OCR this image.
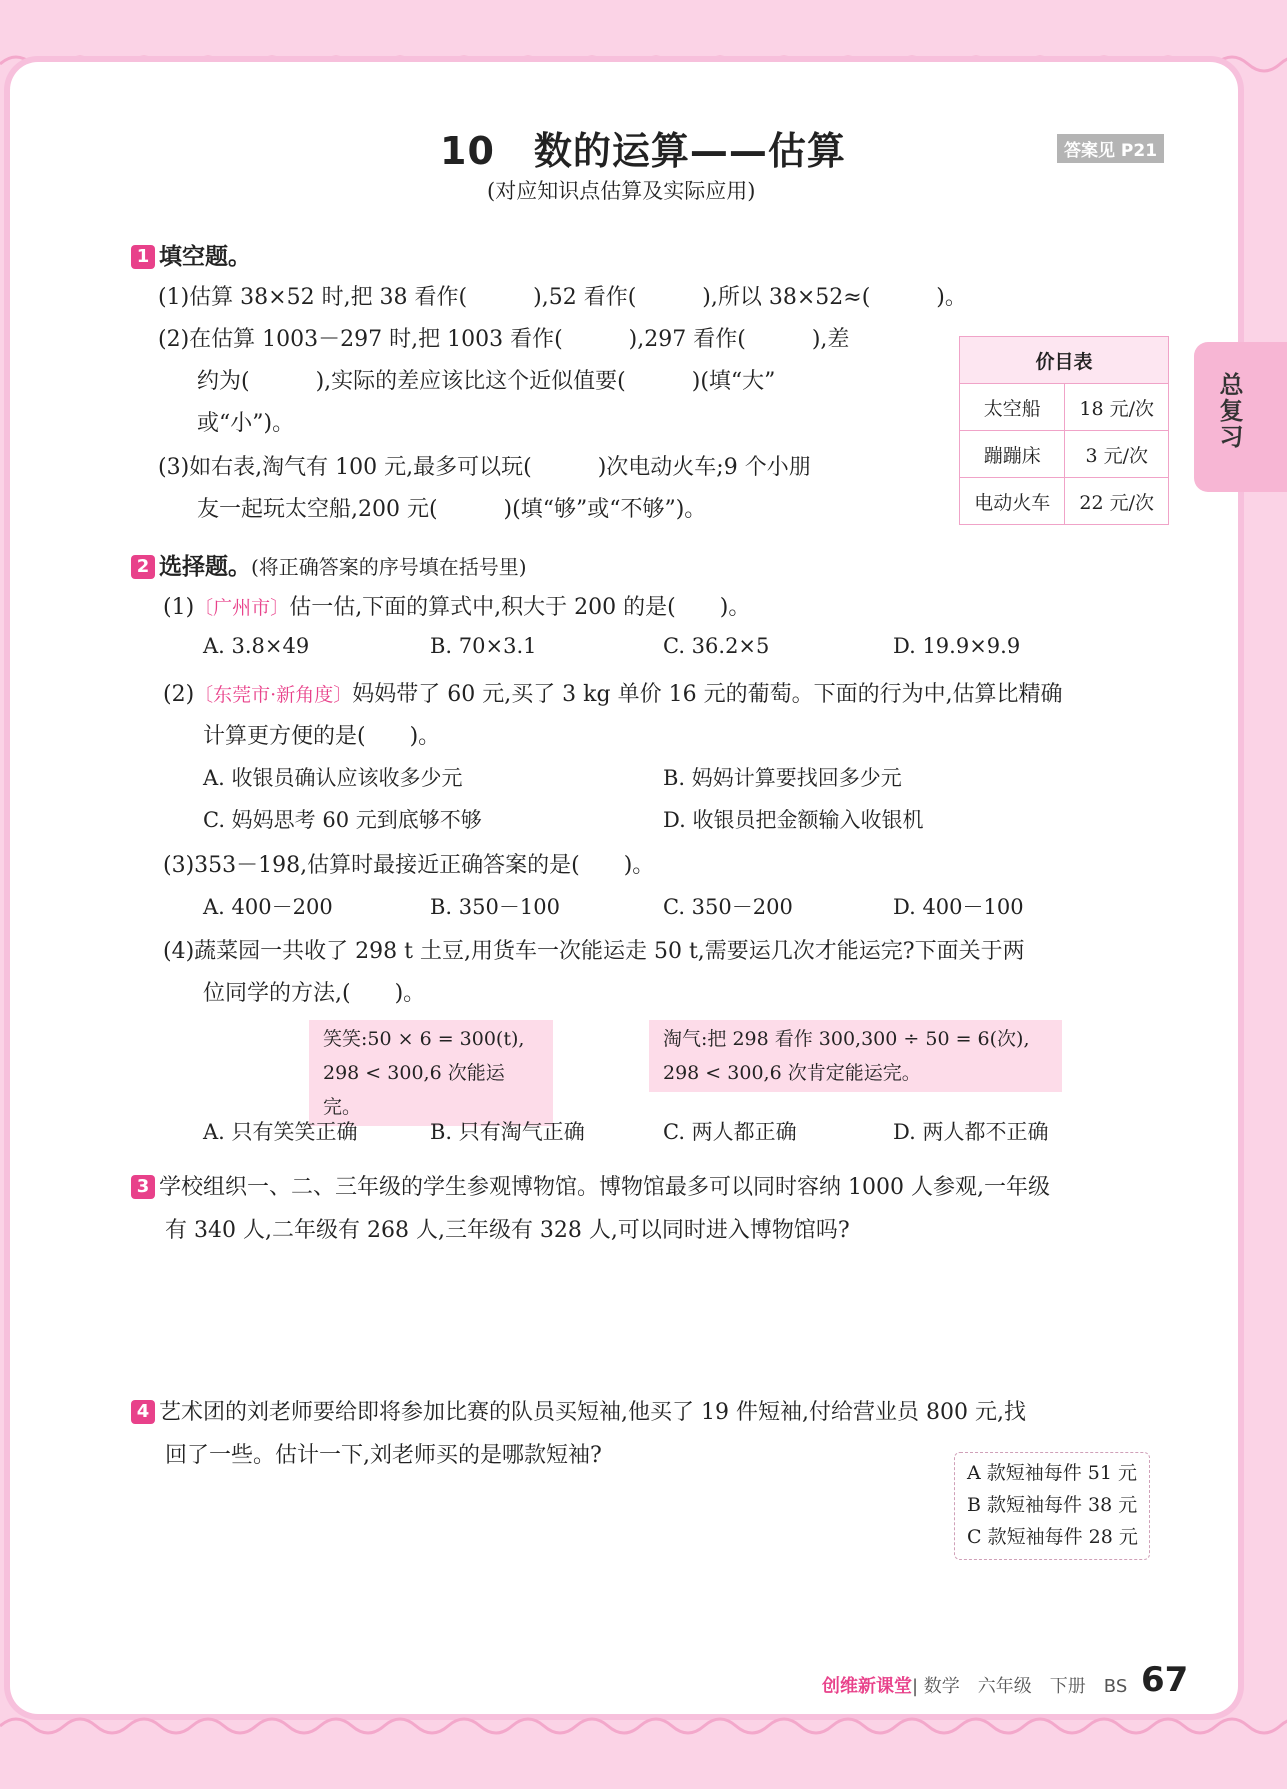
10　数的运算——估算
(对应知识点估算及实际应用)
答案见 P21
总复习
1 填空题。
(1)估算 38×52 时,把 38 看作(　　　),52 看作(　　　),所以 38×52≈(　　　)。
(2)在估算 1003－297 时,把 1003 看作(　　　),297 看作(　　　),差
约为(　　　),实际的差应该比这个近似值要(　　　)(填“大”
或“小”)。
(3)如右表,淘气有 100 元,最多可以玩(　　　)次电动火车;9 个小朋
友一起玩太空船,200 元(　　　)(填“够”或“不够”)。
价目表	
太空船	18 元/次
蹦蹦床	3 元/次
电动火车	22 元/次
2 选择题。(将正确答案的序号填在括号里)
(1)〔广州市〕估一估,下面的算式中,积大于 200 的是(　　)。
A. 3.8×49	B. 70×3.1	C. 36.2×5	D. 19.9×9.9
(2)〔东莞市·新角度〕妈妈带了 60 元,买了 3 kg 单价 16 元的葡萄。下面的行为中,估算比精确
计算更方便的是(　　)。
A. 收银员确认应该收多少元	B. 妈妈计算要找回多少元
C. 妈妈思考 60 元到底够不够	D. 收银员把金额输入收银机
(3)353－198,估算时最接近正确答案的是(　　)。
A. 400－200	B. 350－100	C. 350－200	D. 400－100
(4)蔬菜园一共收了 298 t 土豆,用货车一次能运走 50 t,需要运几次才能运完?下面关于两
位同学的方法,(　　)。
笑笑:50 × 6 = 300(t),
298 < 300,6 次能运完。
淘气:把 298 看作 300,300 ÷ 50 = 6(次),
298 < 300,6 次肯定能运完。
A. 只有笑笑正确	B. 只有淘气正确	C. 两人都正确	D. 两人都不正确
3 学校组织一、二、三年级的学生参观博物馆。博物馆最多可以同时容纳 1000 人参观,一年级
有 340 人,二年级有 268 人,三年级有 328 人,可以同时进入博物馆吗?
4 艺术团的刘老师要给即将参加比赛的队员买短袖,他买了 19 件短袖,付给营业员 800 元,找
回了一些。估计一下,刘老师买的是哪款短袖?
A 款短袖每件 51 元
B 款短袖每件 38 元
C 款短袖每件 28 元
创维新课堂| 数学　六年级　下册　BS 67
